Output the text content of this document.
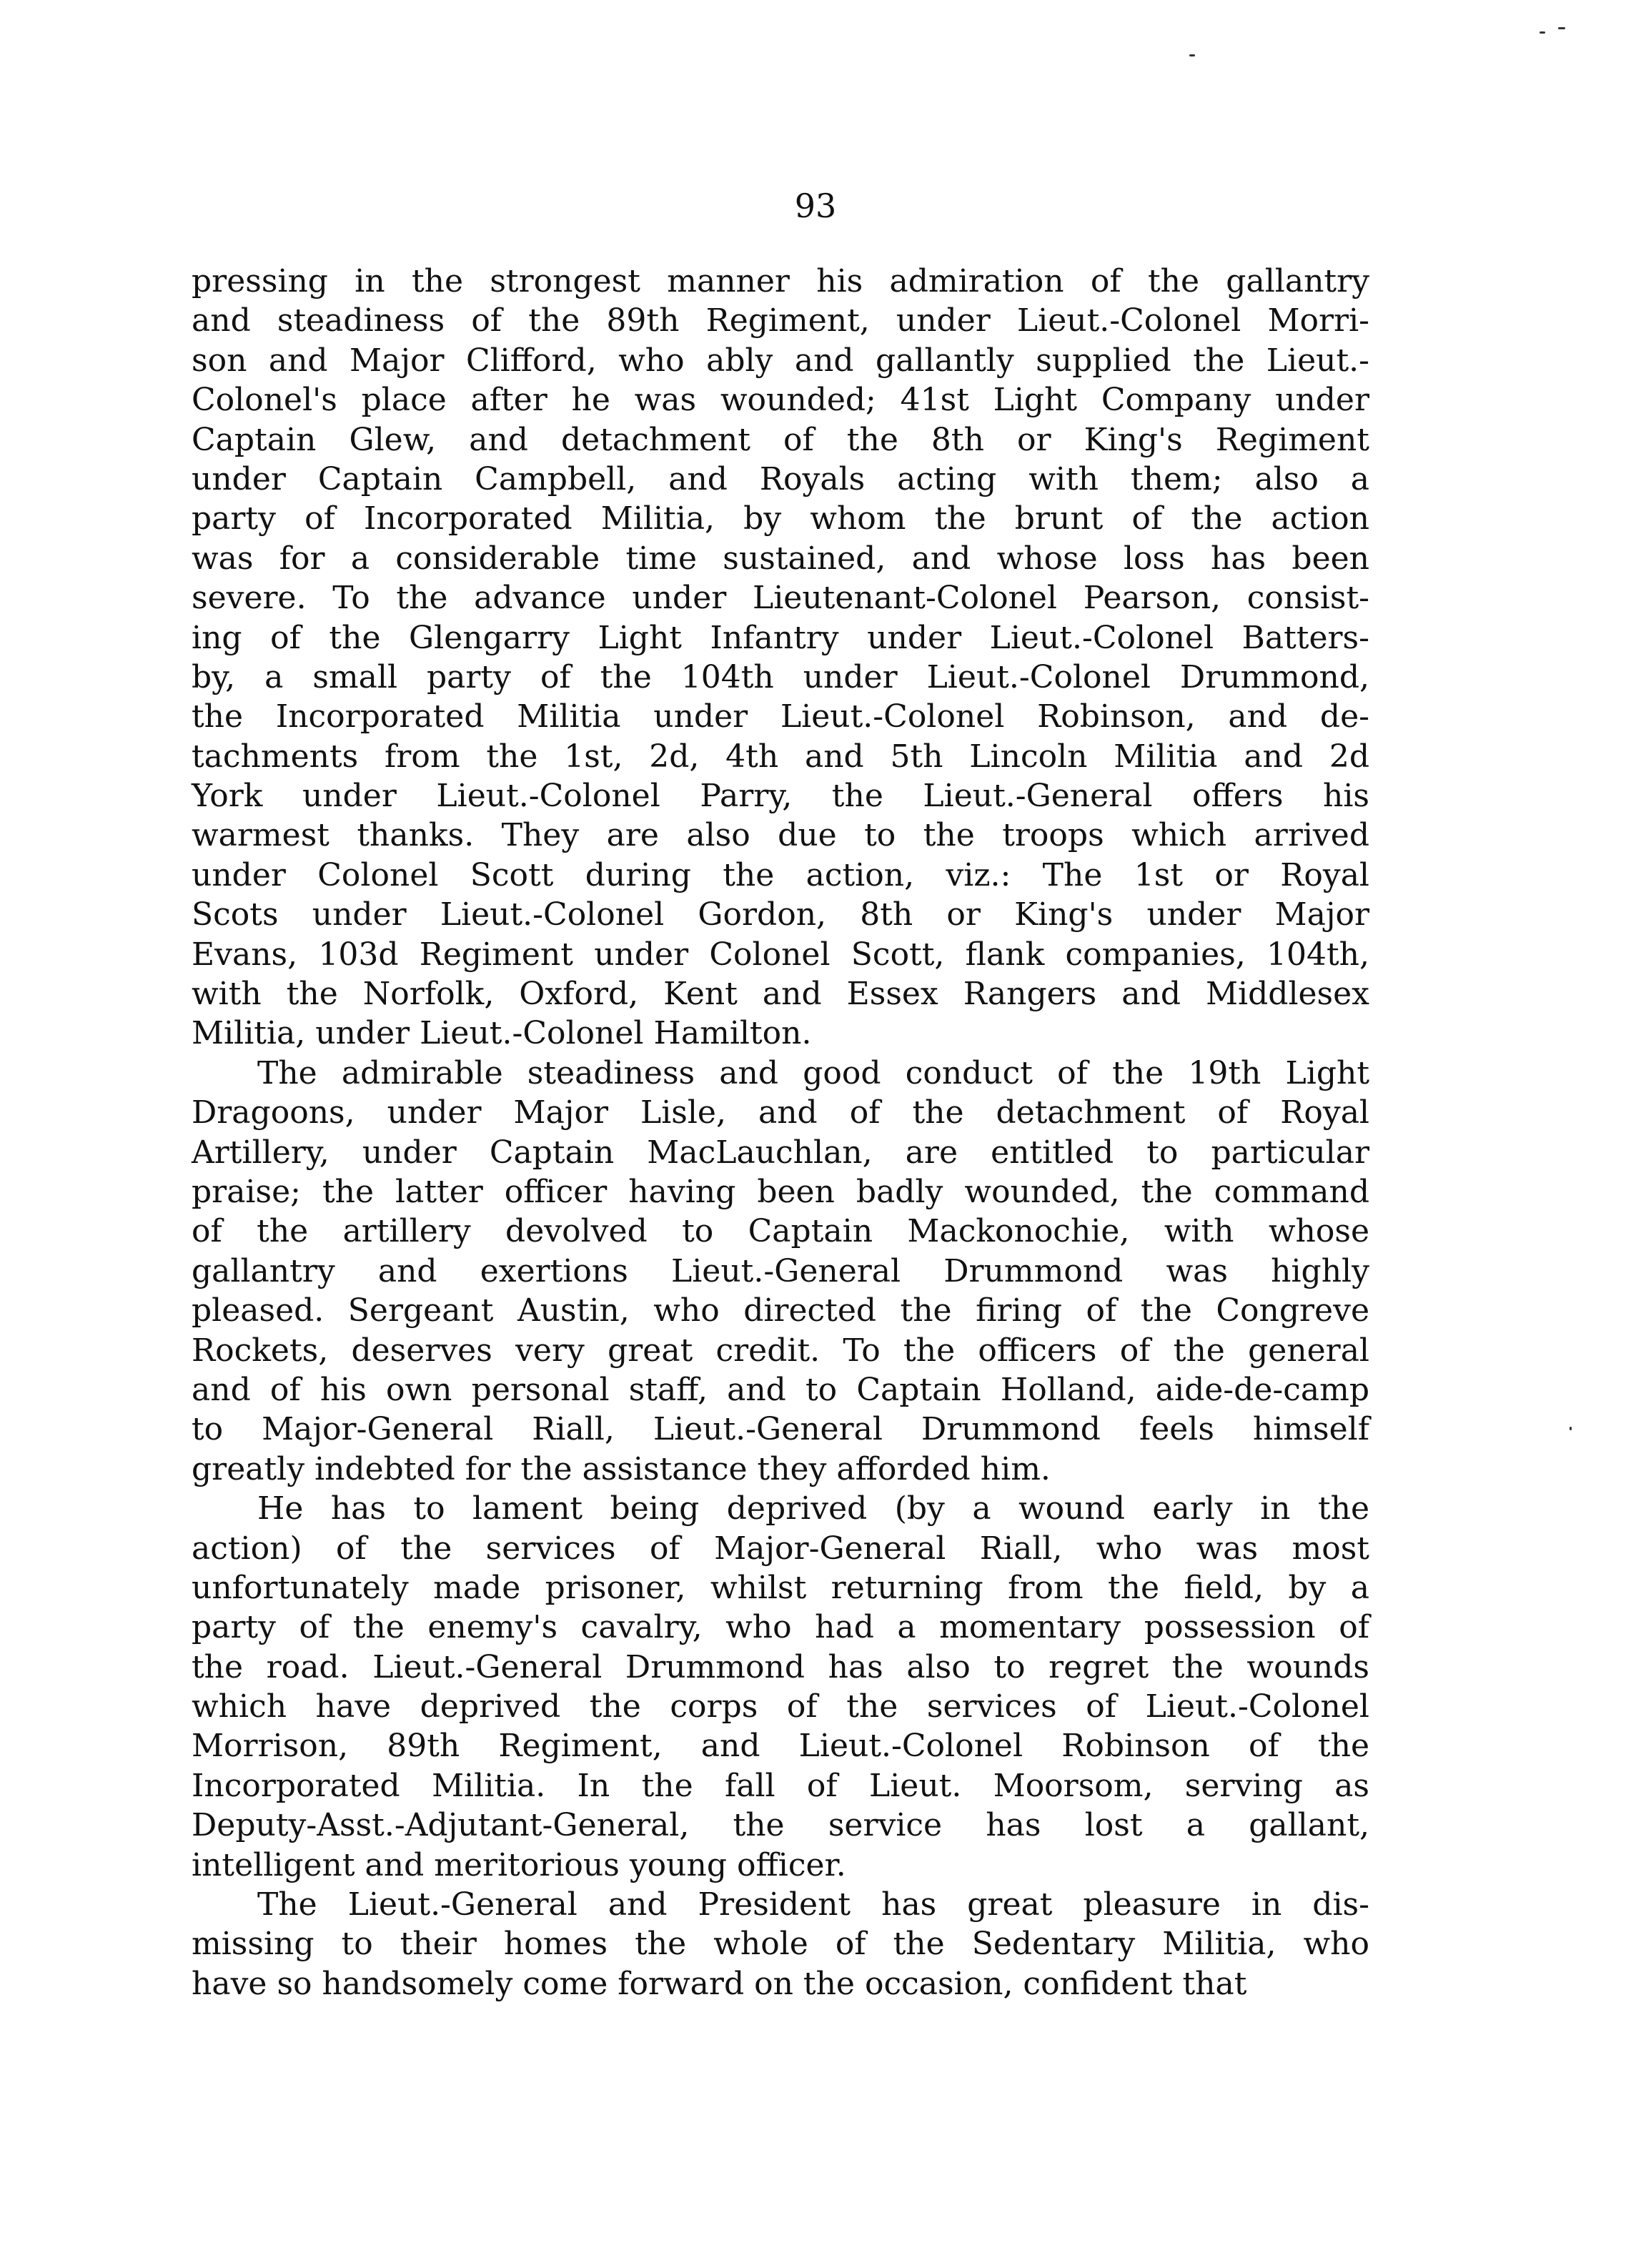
93
pressing in the strongest manner his admiration of the gallantry
and steadiness of the 89th Regiment, under Lieut.-Colonel Morri-
son and Major Clifford, who ably and gallantly supplied the Lieut.-
Colonel's place after he was wounded; 41st Light Company under
Captain Glew, and detachment of the 8th or King's Regiment
under Captain Campbell, and Royals acting with them; also a
party of Incorporated Militia, by whom the brunt of the action
was for a considerable time sustained, and whose loss has been
severe. To the advance under Lieutenant-Colonel Pearson, consist-
ing of the Glengarry Light Infantry under Lieut.-Colonel Batters-
by, a small party of the 104th under Lieut.-Colonel Drummond,
the Incorporated Militia under Lieut.-Colonel Robinson, and de-
tachments from the 1st, 2d, 4th and 5th Lincoln Militia and 2d
York under Lieut.-Colonel Parry, the Lieut.-General offers his
warmest thanks. They are also due to the troops which arrived
under Colonel Scott during the action, viz.: The 1st or Royal
Scots under Lieut.-Colonel Gordon, 8th or King's under Major
Evans, 103d Regiment under Colonel Scott, flank companies, 104th,
with the Norfolk, Oxford, Kent and Essex Rangers and Middlesex
Militia, under Lieut.-Colonel Hamilton.
The admirable steadiness and good conduct of the 19th Light
Dragoons, under Major Lisle, and of the detachment of Royal
Artillery, under Captain MacLauchlan, are entitled to particular
praise; the latter officer having been badly wounded, the command
of the artillery devolved to Captain Mackonochie, with whose
gallantry and exertions Lieut.-General Drummond was highly
pleased. Sergeant Austin, who directed the firing of the Congreve
Rockets, deserves very great credit. To the officers of the general
and of his own personal staff, and to Captain Holland, aide-de-camp
to Major-General Riall, Lieut.-General Drummond feels himself
greatly indebted for the assistance they afforded him.
He has to lament being deprived (by a wound early in the
action) of the services of Major-General Riall, who was most
unfortunately made prisoner, whilst returning from the field, by a
party of the enemy's cavalry, who had a momentary possession of
the road. Lieut.-General Drummond has also to regret the wounds
which have deprived the corps of the services of Lieut.-Colonel
Morrison, 89th Regiment, and Lieut.-Colonel Robinson of the
Incorporated Militia. In the fall of Lieut. Moorsom, serving as
Deputy-Asst.-Adjutant-General, the service has lost a gallant,
intelligent and meritorious young officer.
The Lieut.-General and President has great pleasure in dis-
missing to their homes the whole of the Sedentary Militia, who
have so handsomely come forward on the occasion, confident that
